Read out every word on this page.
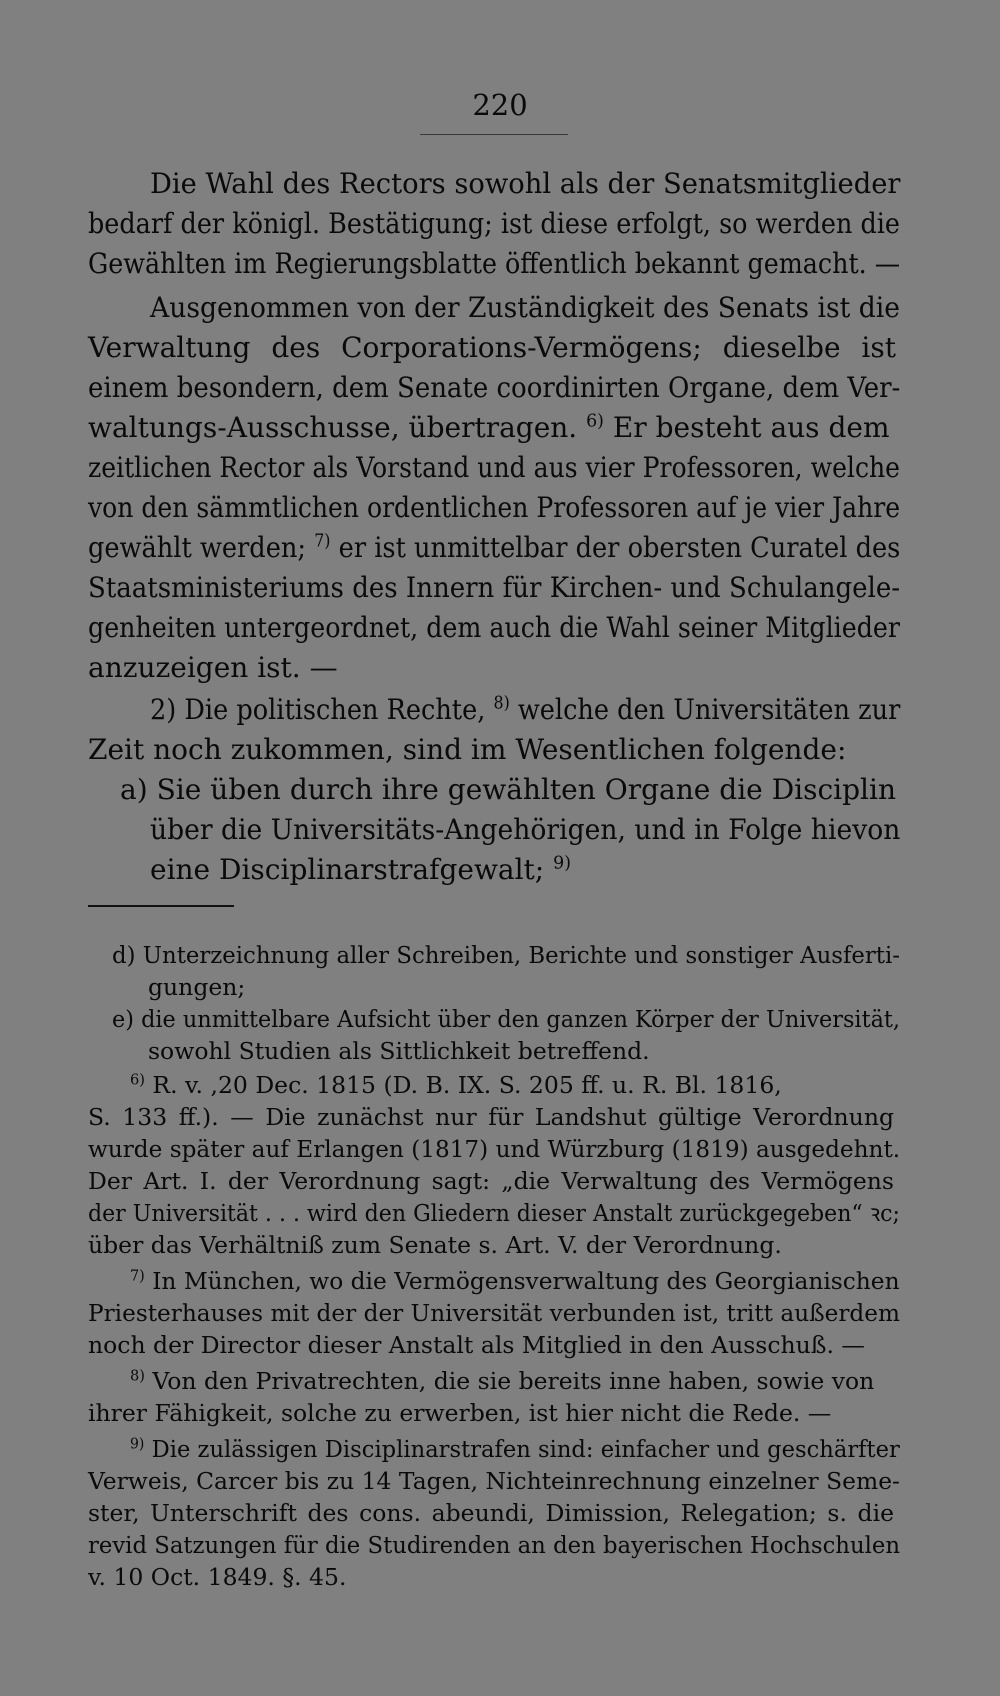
220
Die Wahl des Rectors sowohl als der Senatsmitglieder
bedarf der königl. Bestätigung; ist diese erfolgt, so werden die
Gewählten im Regierungsblatte öffentlich bekannt gemacht. —
Ausgenommen von der Zuständigkeit des Senats ist die
Verwaltung des Corporations-Vermögens; dieselbe ist
einem besondern, dem Senate coordinirten Organe, dem Ver-
waltungs-Ausschusse, übertragen. $^{6)}$ Er besteht aus dem
zeitlichen Rector als Vorstand und aus vier Professoren, welche
von den sämmtlichen ordentlichen Professoren auf je vier Jahre
gewählt werden; $^{7)}$ er ist unmittelbar der obersten Curatel des
Staatsministeriums des Innern für Kirchen- und Schulangele-
genheiten untergeordnet, dem auch die Wahl seiner Mitglieder
anzuzeigen ist. —
2) Die politischen Rechte, $^{8)}$ welche den Universitäten zur
Zeit noch zukommen, sind im Wesentlichen folgende:
a) Sie üben durch ihre gewählten Organe die Disciplin
über die Universitäts-Angehörigen, und in Folge hievon
eine Disciplinarstrafgewalt; $^{9)}$
d) Unterzeichnung aller Schreiben, Berichte und sonstiger Ausferti-
gungen;
e) die unmittelbare Aufsicht über den ganzen Körper der Universität,
sowohl Studien als Sittlichkeit betreffend.
$^{6)}$ R. v. ,20 Dec. 1815 (D. B. IX. S. 205 ff. u. R. Bl. 1816,
S. 133 ff.). — Die zunächst nur für Landshut gültige Verordnung
wurde später auf Erlangen (1817) und Würzburg (1819) ausgedehnt.
Der Art. I. der Verordnung sagt: „die Verwaltung des Vermögens
der Universität . . . wird den Gliedern dieser Anstalt zurückgegeben“ ꝛc;
über das Verhältniß zum Senate s. Art. V. der Verordnung.
$^{7)}$ In München, wo die Vermögensverwaltung des Georgianischen
Priesterhauses mit der der Universität verbunden ist, tritt außerdem
noch der Director dieser Anstalt als Mitglied in den Ausschuß. —
$^{8)}$ Von den Privatrechten, die sie bereits inne haben, sowie von
ihrer Fähigkeit, solche zu erwerben, ist hier nicht die Rede. —
$^{9)}$ Die zulässigen Disciplinarstrafen sind: einfacher und geschärfter
Verweis, Carcer bis zu 14 Tagen, Nichteinrechnung einzelner Seme-
ster, Unterschrift des cons. abeundi, Dimission, Relegation; s. die
revid Satzungen für die Studirenden an den bayerischen Hochschulen
v. 10 Oct. 1849. §. 45.
